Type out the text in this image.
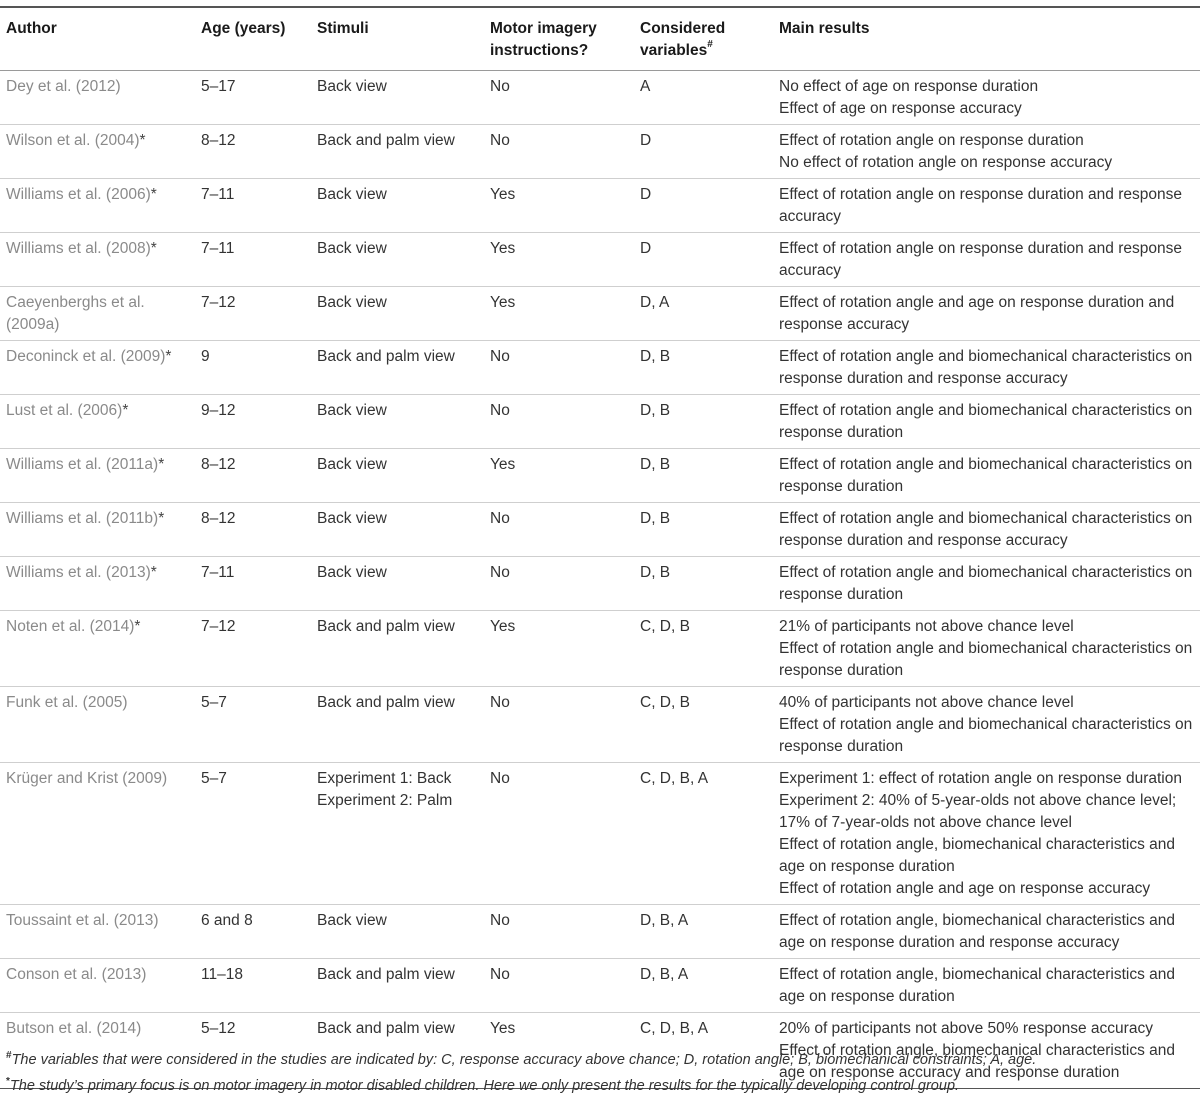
Author	Age (years)	Stimuli	Motor imagery instructions?	Considered variables#	Main results
Dey et al. (2012)	5–17	Back view	No	A	No effect of age on response duration
Effect of age on response accuracy

Wilson et al. (2004)*	8–12	Back and palm view	No	D	Effect of rotation angle on response duration
No effect of rotation angle on response accuracy

Williams et al. (2006)*	7–11	Back view	Yes	D	Effect of rotation angle on response duration and response accuracy

Williams et al. (2008)*	7–11	Back view	Yes	D	Effect of rotation angle on response duration and response accuracy

Caeyenberghs et al. (2009a)	7–12	Back view	Yes	D, A	Effect of rotation angle and age on response duration and response accuracy

Deconinck et al. (2009)*	9	Back and palm view	No	D, B	Effect of rotation angle and biomechanical characteristics on response duration and response accuracy

Lust et al. (2006)*	9–12	Back view	No	D, B	Effect of rotation angle and biomechanical characteristics on response duration

Williams et al. (2011a)*	8–12	Back view	Yes	D, B	Effect of rotation angle and biomechanical characteristics on response duration

Williams et al. (2011b)*	8–12	Back view	No	D, B	Effect of rotation angle and biomechanical characteristics on response duration and response accuracy

Williams et al. (2013)*	7–11	Back view	No	D, B	Effect of rotation angle and biomechanical characteristics on response duration

Noten et al. (2014)*	7–12	Back and palm view	Yes	C, D, B	21% of participants not above chance level
Effect of rotation angle and biomechanical characteristics on response duration

Funk et al. (2005)	5–7	Back and palm view	No	C, D, B	40% of participants not above chance level
Effect of rotation angle and biomechanical characteristics on response duration

Krüger and Krist (2009)	5–7	Experiment 1: Back
Experiment 2: Palm	No	C, D, B, A	Experiment 1: effect of rotation angle on response duration
Experiment 2: 40% of 5-year-olds not above chance level; 17% of 7-year-olds not above chance level
Effect of rotation angle, biomechanical characteristics and age on response duration
Effect of rotation angle and age on response accuracy

Toussaint et al. (2013)	6 and 8	Back view	No	D, B, A	Effect of rotation angle, biomechanical characteristics and age on response duration and response accuracy

Conson et al. (2013)	11–18	Back and palm view	No	D, B, A	Effect of rotation angle, biomechanical characteristics and age on response duration

Butson et al. (2014)	5–12	Back and palm view	Yes	C, D, B, A	20% of participants not above 50% response accuracy
Effect of rotation angle, biomechanical characteristics and age on response accuracy and response duration
#The variables that were considered in the studies are indicated by: C, response accuracy above chance; D, rotation angle; B, biomechanical constraints; A, age.
*The study’s primary focus is on motor imagery in motor disabled children. Here we only present the results for the typically developing control group.
